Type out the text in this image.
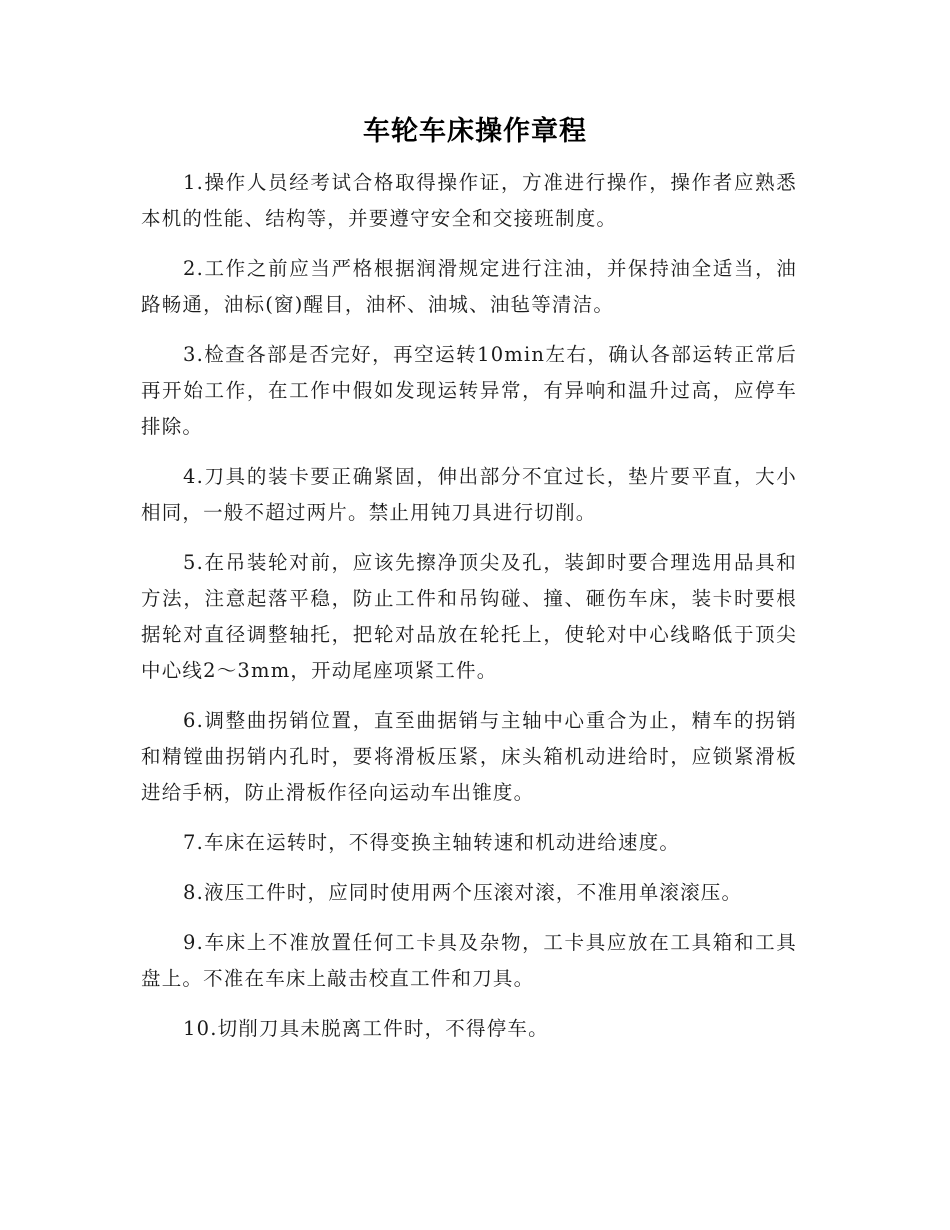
车轮车床操作章程

1.操作人员经考试合格取得操作证，方准进行操作，操作者应熟悉本机的性能、结构等，并要遵守安全和交接班制度。

2.工作之前应当严格根据润滑规定进行注油，并保持油全适当，油路畅通，油标(窗)醒目，油杯、油城、油毡等清洁。

3.检查各部是否完好，再空运转10min左右，确认各部运转正常后再开始工作，在工作中假如发现运转异常，有异响和温升过高，应停车排除。

4.刀具的装卡要正确紧固，伸出部分不宜过长，垫片要平直，大小相同，一般不超过两片。禁止用钝刀具进行切削。

5.在吊装轮对前，应该先擦净顶尖及孔，装卸时要合理选用品具和方法，注意起落平稳，防止工件和吊钩碰、撞、砸伤车床，装卡时要根据轮对直径调整轴托，把轮对品放在轮托上，使轮对中心线略低于顶尖中心线2～3mm，开动尾座项紧工件。

6.调整曲拐销位置，直至曲据销与主轴中心重合为止，精车的拐销和精镗曲拐销内孔时，要将滑板压紧，床头箱机动进给时，应锁紧滑板进给手柄，防止滑板作径向运动车出锥度。

7.车床在运转时，不得变换主轴转速和机动进给速度。

8.液压工件时，应同时使用两个压滚对滚，不准用单滚滚压。

9.车床上不准放置任何工卡具及杂物，工卡具应放在工具箱和工具盘上。不准在车床上敲击校直工件和刀具。

10.切削刀具未脱离工件时，不得停车。
